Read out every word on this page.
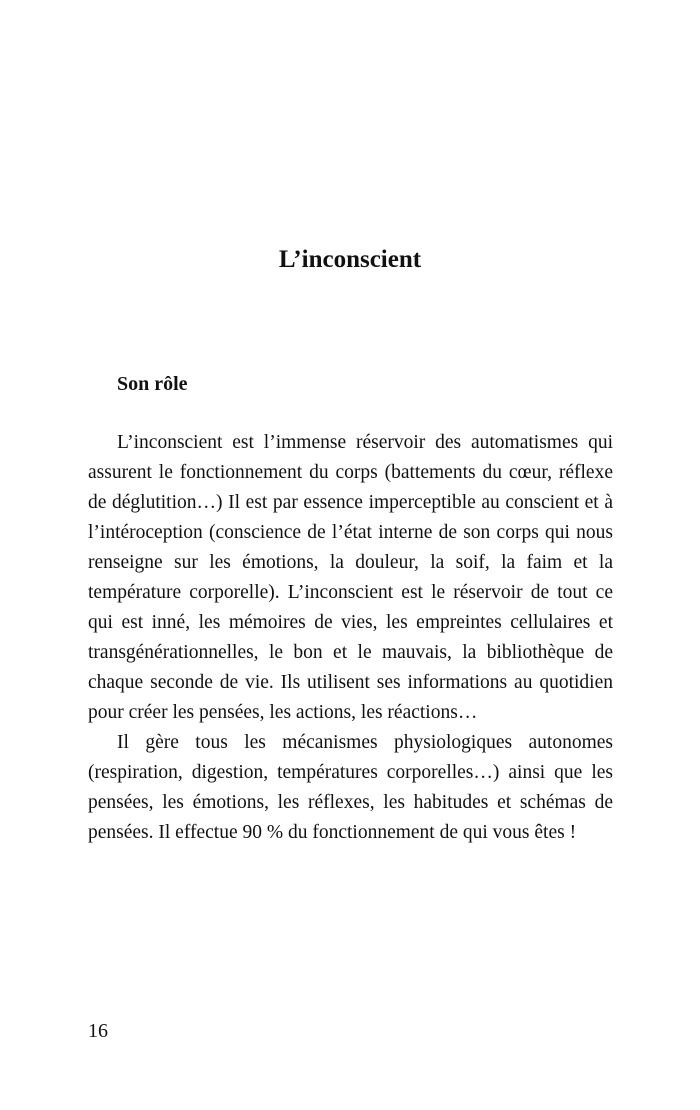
L’inconscient
Son rôle

L’inconscient est l’immense réservoir des automatismes qui assurent le fonctionnement du corps (battements du cœur, réflexe de déglutition…) Il est par essence imperceptible au conscient et à l’intéroception (conscience de l’état interne de son corps qui nous renseigne sur les émotions, la douleur, la soif, la faim et la température corporelle). L’inconscient est le réservoir de tout ce qui est inné, les mémoires de vies, les empreintes cellulaires et transgénérationnelles, le bon et le mauvais, la bibliothèque de chaque seconde de vie. Ils utilisent ses informations au quotidien pour créer les pensées, les actions, les réactions…

Il gère tous les mécanismes physiologiques autonomes (respiration, digestion, températures corporelles…) ainsi que les pensées, les émotions, les réflexes, les habitudes et schémas de pensées. Il effectue 90 % du fonctionnement de qui vous êtes !

16
